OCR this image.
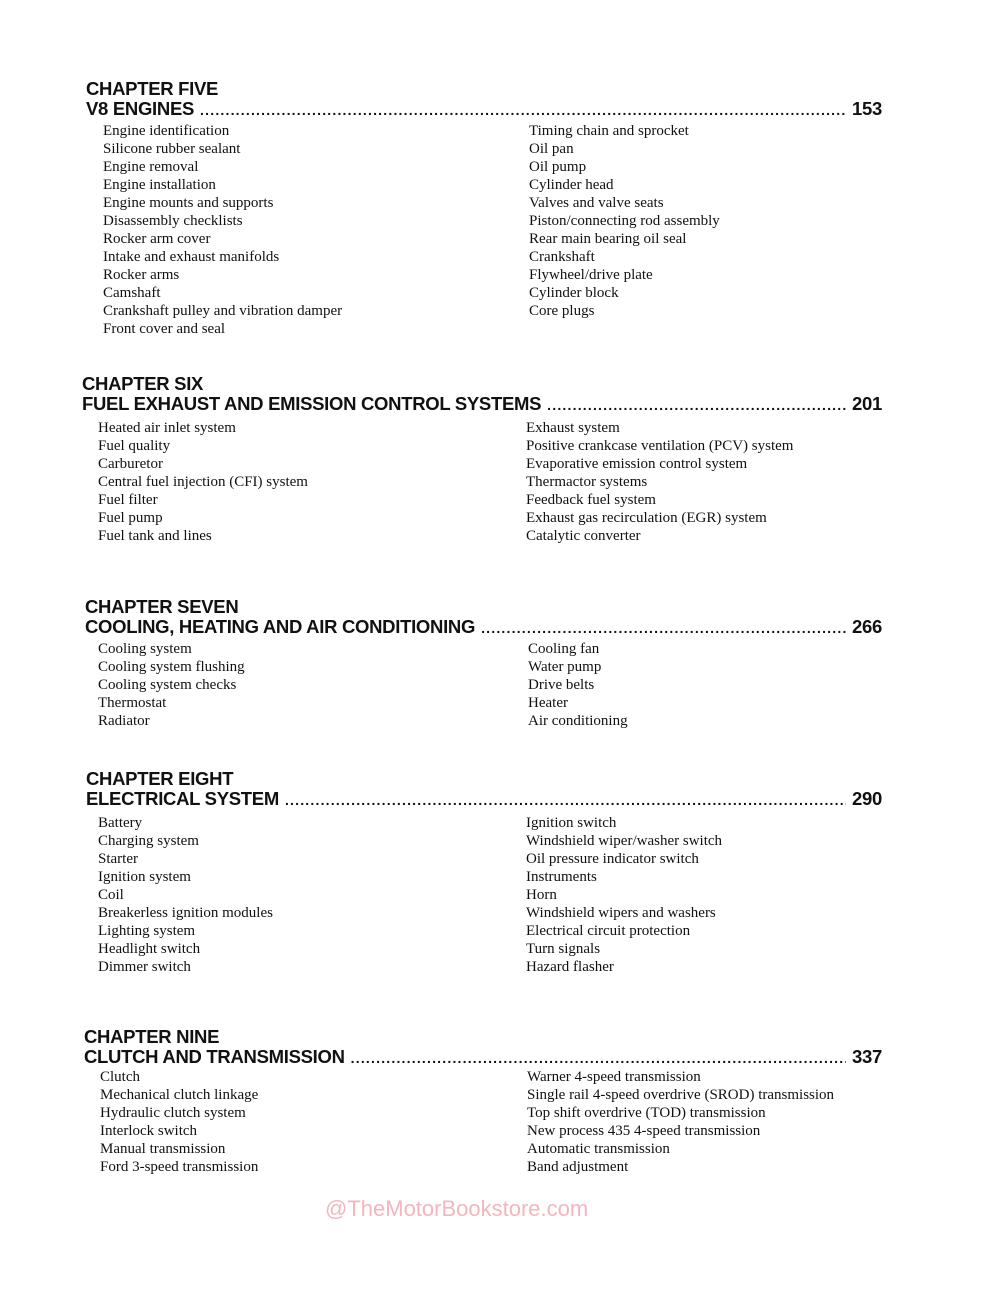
CHAPTER FIVE
V8 ENGINES .....	153
Engine identification
Silicone rubber sealant
Engine removal
Engine installation
Engine mounts and supports
Disassembly checklists
Rocker arm cover
Intake and exhaust manifolds
Rocker arms
Camshaft
Crankshaft pulley and vibration damper
Front cover and seal
Timing chain and sprocket
Oil pan
Oil pump
Cylinder head
Valves and valve seats
Piston/connecting rod assembly
Rear main bearing oil seal
Crankshaft
Flywheel/drive plate
Cylinder block
Core plugs
CHAPTER SIX
FUEL EXHAUST AND EMISSION CONTROL SYSTEMS .....	201
Heated air inlet system
Fuel quality
Carburetor
Central fuel injection (CFI) system
Fuel filter
Fuel pump
Fuel tank and lines
Exhaust system
Positive crankcase ventilation (PCV) system
Evaporative emission control system
Thermactor systems
Feedback fuel system
Exhaust gas recirculation (EGR) system
Catalytic converter
CHAPTER SEVEN
COOLING, HEATING AND AIR CONDITIONING .....	266
Cooling system
Cooling system flushing
Cooling system checks
Thermostat
Radiator
Cooling fan
Water pump
Drive belts
Heater
Air conditioning
CHAPTER EIGHT
ELECTRICAL SYSTEM .....	290
Battery
Charging system
Starter
Ignition system
Coil
Breakerless ignition modules
Lighting system
Headlight switch
Dimmer switch
Ignition switch
Windshield wiper/washer switch
Oil pressure indicator switch
Instruments
Horn
Windshield wipers and washers
Electrical circuit protection
Turn signals
Hazard flasher
CHAPTER NINE
CLUTCH AND TRANSMISSION .....	337
Clutch
Mechanical clutch linkage
Hydraulic clutch system
Interlock switch
Manual transmission
Ford 3-speed transmission
Warner 4-speed transmission
Single rail 4-speed overdrive (SROD) transmission
Top shift overdrive (TOD) transmission
New process 435 4-speed transmission
Automatic transmission
Band adjustment
@TheMotorBookstore.com
